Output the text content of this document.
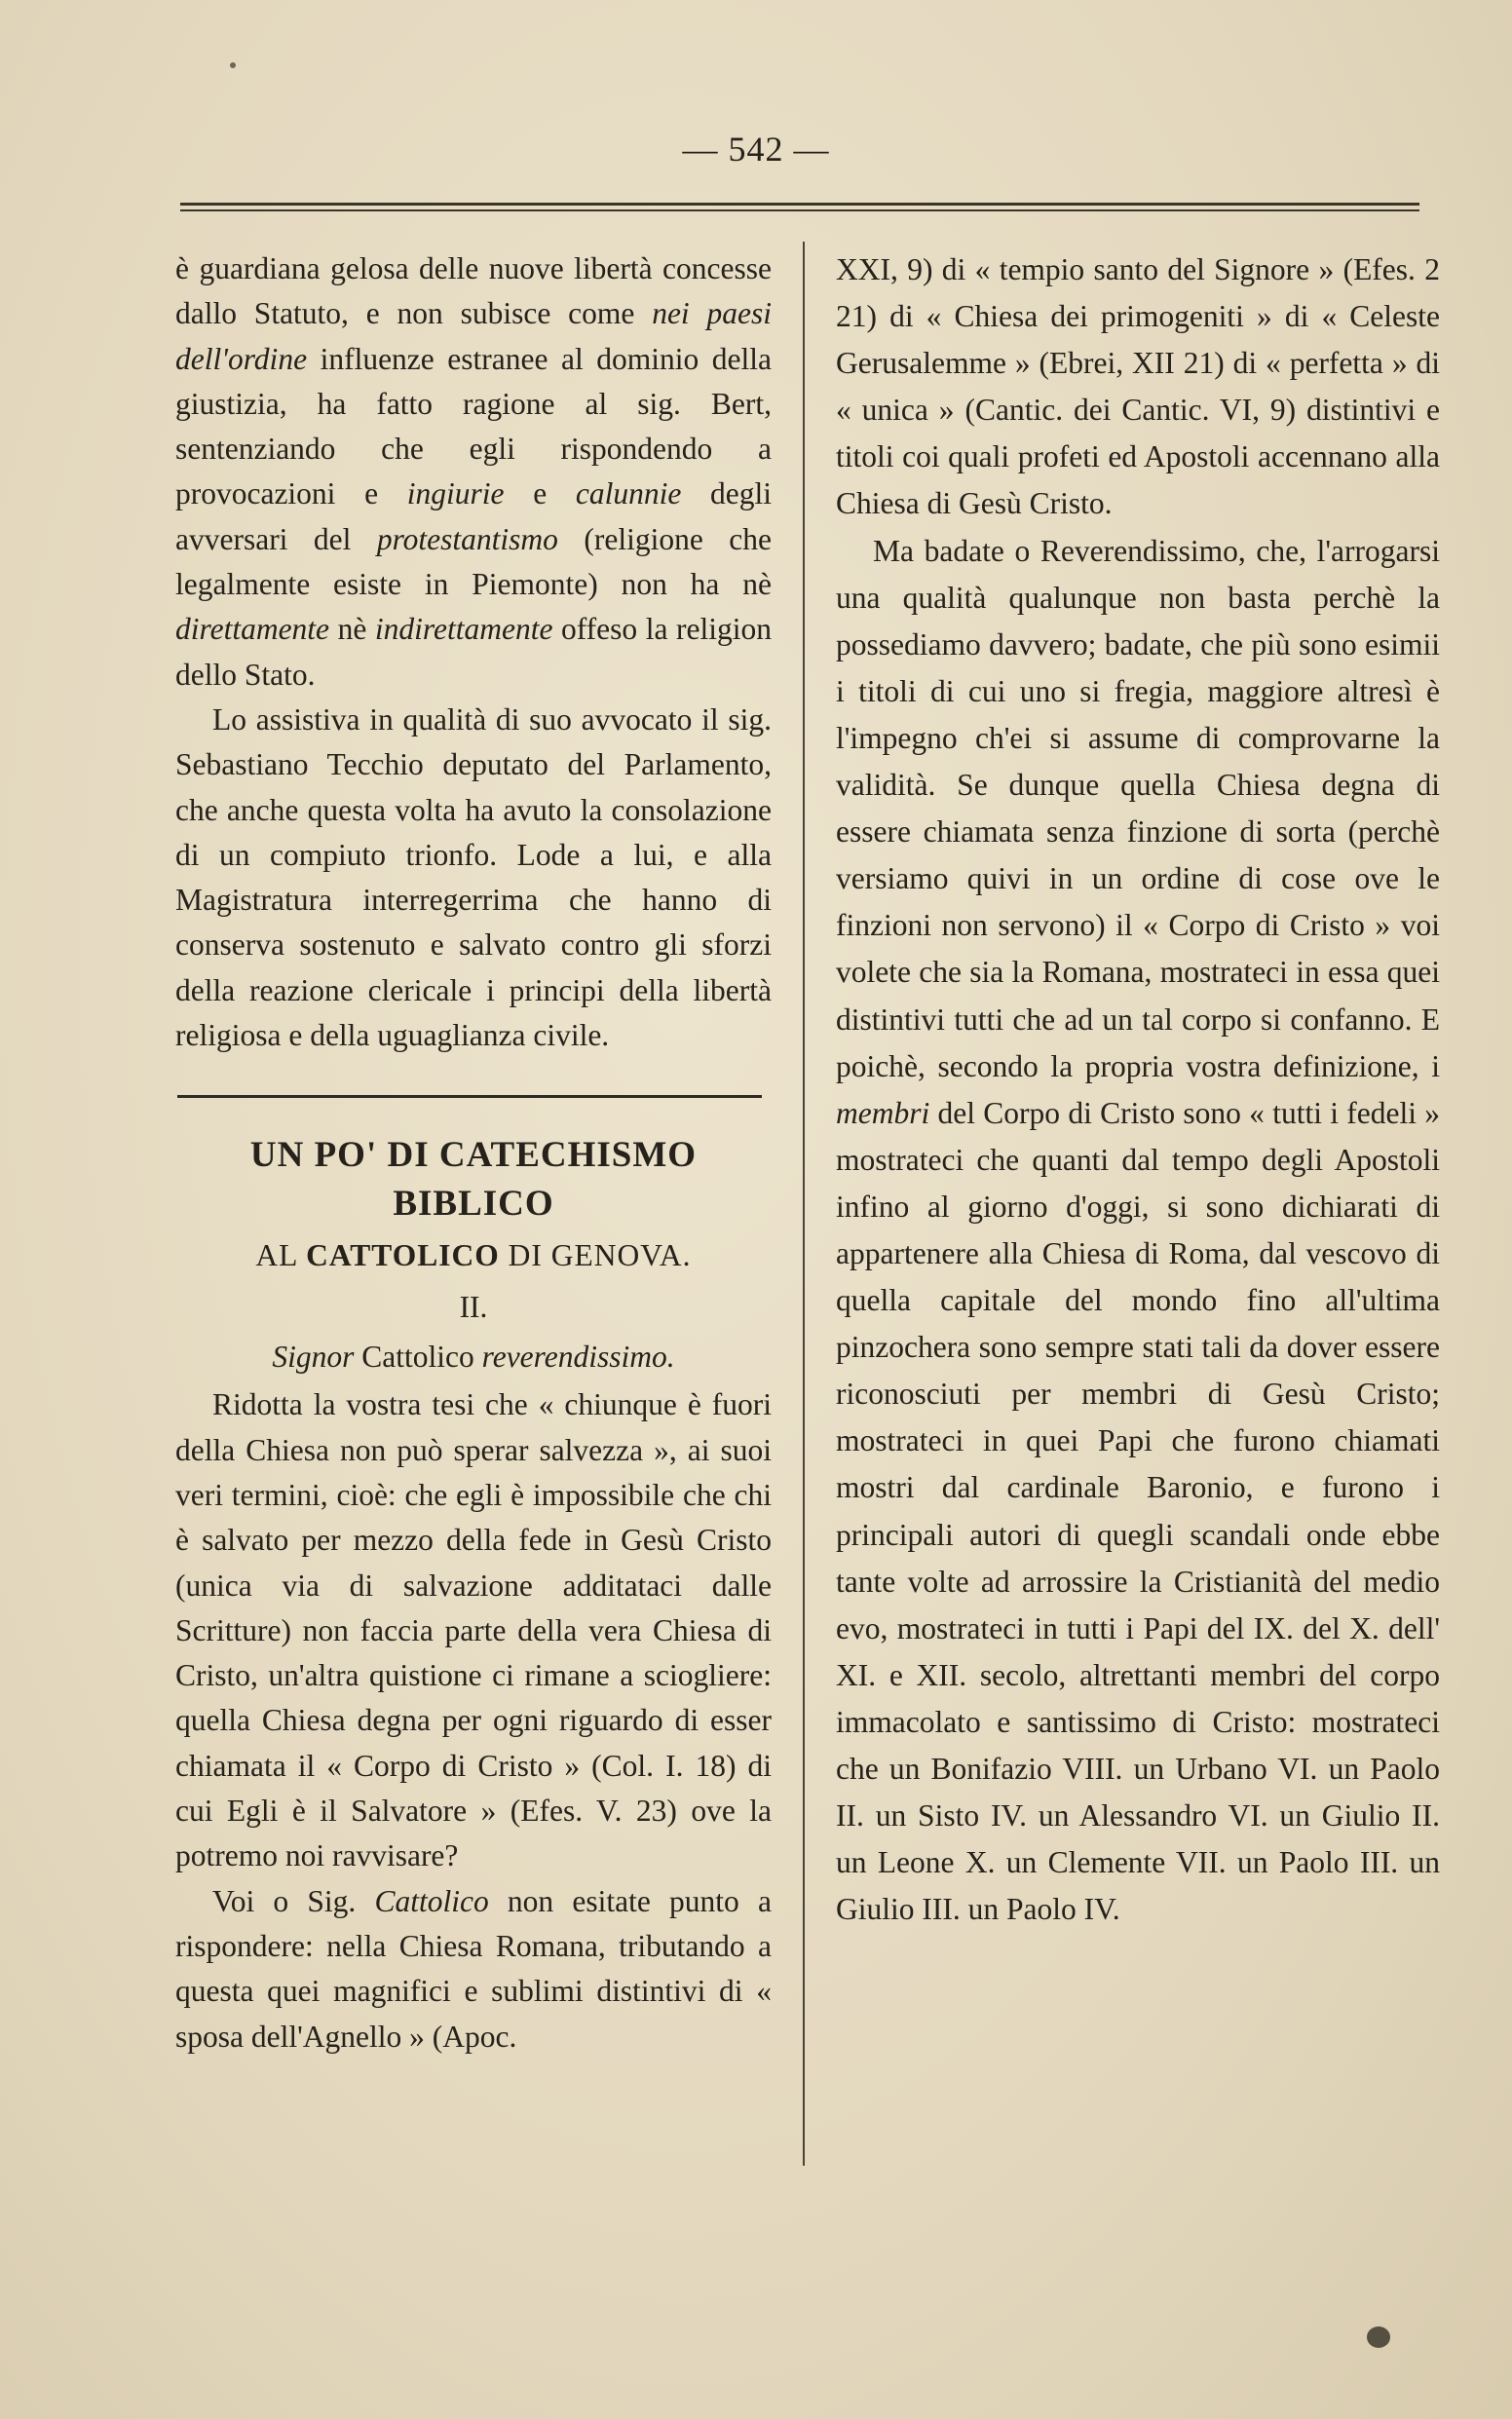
— 542 —

è guardiana gelosa delle nuove libertà concesse dallo Statuto, e non subisce come nei paesi dell'ordine influenze estranee al dominio della giustizia, ha fatto ragione al sig. Bert, sentenziando che egli rispondendo a provocazioni e ingiurie e calunnie degli avversari del protestantismo (religione che legalmente esiste in Piemonte) non ha nè direttamente nè indirettamente offeso la religion dello Stato.

Lo assistiva in qualità di suo avvocato il sig. Sebastiano Tecchio deputato del Parlamento, che anche questa volta ha avuto la consolazione di un compiuto trionfo. Lode a lui, e alla Magistratura interregerrima che hanno di conserva sostenuto e salvato contro gli sforzi della reazione clericale i principi della libertà religiosa e della uguaglianza civile.

UN PO' DI CATECHISMO BIBLICO
AL CATTOLICO DI GENOVA.
II.

Signor Cattolico reverendissimo.

Ridotta la vostra tesi che « chiunque è fuori della Chiesa non può sperar salvezza », ai suoi veri termini, cioè: che egli è impossibile che chi è salvato per mezzo della fede in Gesù Cristo (unica via di salvazione additataci dalle Scritture) non faccia parte della vera Chiesa di Cristo, un'altra quistione ci rimane a sciogliere: quella Chiesa degna per ogni riguardo di esser chiamata il « Corpo di Cristo » (Col. I. 18) di cui Egli è il Salvatore » (Efes. V. 23) ove la potremo noi ravvisare?

Voi o Sig. Cattolico non esitate punto a rispondere: nella Chiesa Romana, tributando a questa quei magnifici e sublimi distintivi di « sposa dell'Agnello » (Apoc.

XXI, 9) di « tempio santo del Signore » (Efes. 2 21) di « Chiesa dei primogeniti » di « Celeste Gerusalemme » (Ebrei, XII 21) di « perfetta » di « unica » (Cantic. dei Cantic. VI, 9) distintivi e titoli coi quali profeti ed Apostoli accennano alla Chiesa di Gesù Cristo.

Ma badate o Reverendissimo, che, l'arrogarsi una qualità qualunque non basta perchè la possediamo davvero; badate, che più sono esimii i titoli di cui uno si fregia, maggiore altresì è l'impegno ch'ei si assume di comprovarne la validità. Se dunque quella Chiesa degna di essere chiamata senza finzione di sorta (perchè versiamo quivi in un ordine di cose ove le finzioni non servono) il « Corpo di Cristo » voi volete che sia la Romana, mostrateci in essa quei distintivi tutti che ad un tal corpo si confanno. E poichè, secondo la propria vostra definizione, i membri del Corpo di Cristo sono « tutti i fedeli » mostrateci che quanti dal tempo degli Apostoli infino al giorno d'oggi, si sono dichiarati di appartenere alla Chiesa di Roma, dal vescovo di quella capitale del mondo fino all'ultima pinzochera sono sempre stati tali da dover essere riconosciuti per membri di Gesù Cristo; mostrateci in quei Papi che furono chiamati mostri dal cardinale Baronio, e furono i principali autori di quegli scandali onde ebbe tante volte ad arrossire la Cristianità del medio evo, mostrateci in tutti i Papi del IX. del X. dell' XI. e XII. secolo, altrettanti membri del corpo immacolato e santissimo di Cristo: mostrateci che un Bonifazio VIII. un Urbano VI. un Paolo II. un Sisto IV. un Alessandro VI. un Giulio II. un Leone X. un Clemente VII. un Paolo III. un Giulio III. un Paolo IV.
